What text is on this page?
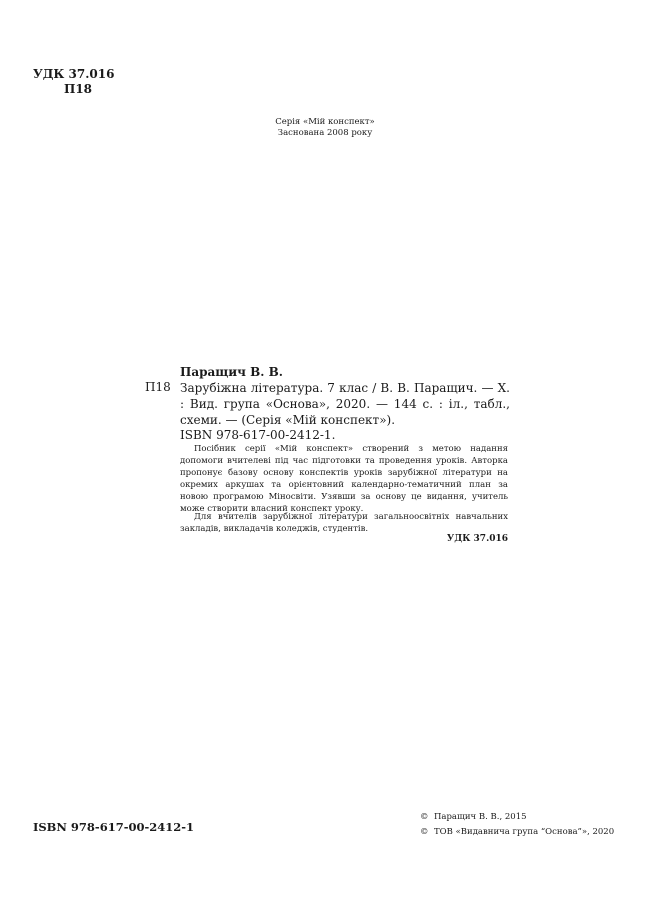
УДК 37.016
П18
Серія «Мій конспект»
Заснована 2008 року
Паращич В. В.
П18 Зарубіжна література. 7 клас / В. В. Паращич. — Х. : Вид. група «Основа», 2020. — 144 с. : іл., табл., схеми. — (Серія «Мій конспект»).
ISBN 978-617-00-2412-1.
Посібник серії «Мій конспект» створений з метою надання допомоги вчителеві під час підготовки та проведення уроків. Авторка пропонує базову основу конспектів уроків зарубіжної літератури на окремих аркушах та орієнтовний календарно-тематичний план за новою програмою Міносвіти. Узявши за основу це видання, учитель може створити власний конспект уроку.
Для вчителів зарубіжної літератури загальноосвітніх навчальних закладів, викладачів коледжів, студентів.
УДК 37.016
ISBN 978-617-00-2412-1
© Паращич В. В., 2015
© ТОВ «Видавнича група “Основа”», 2020
